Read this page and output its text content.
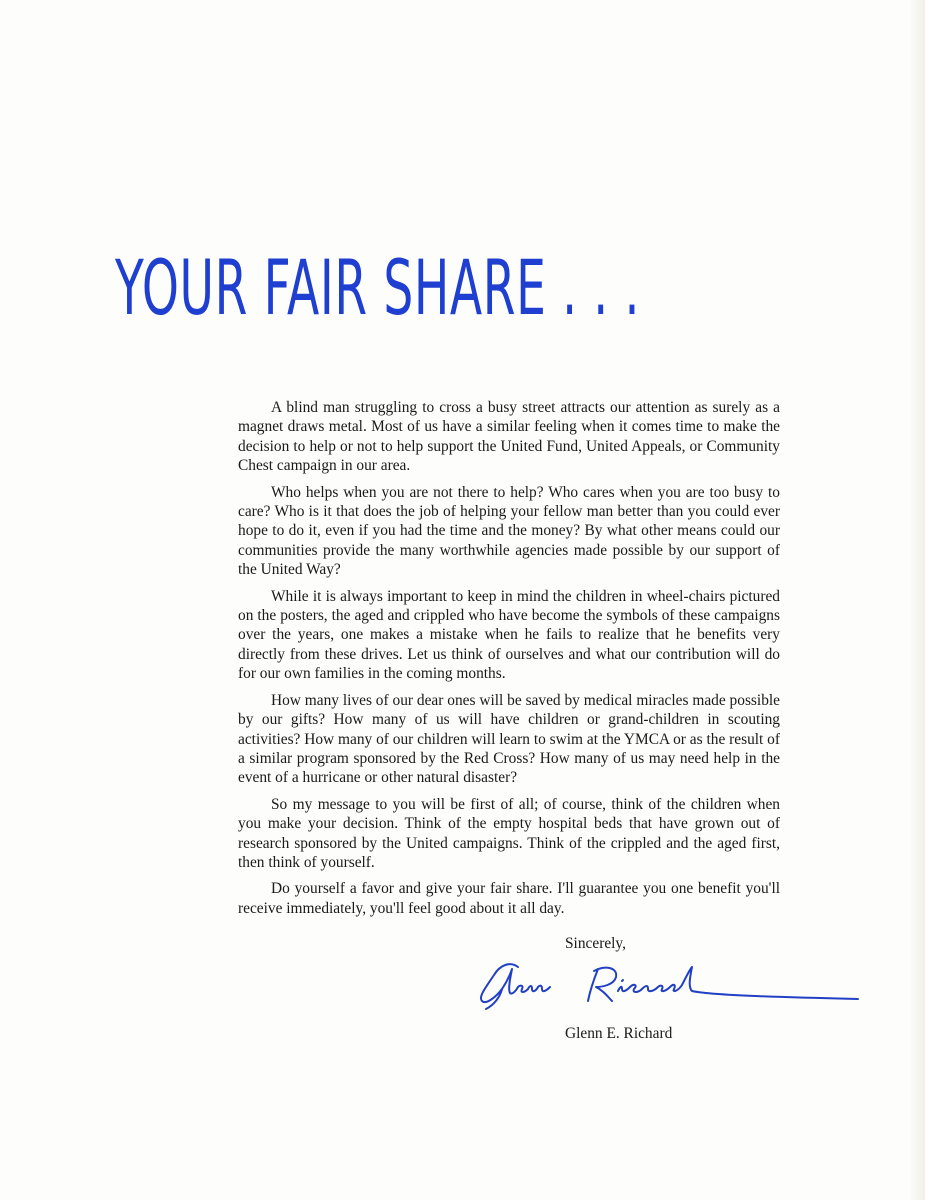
YOUR FAIR SHARE . . .

A blind man struggling to cross a busy street attracts our attention as surely as a magnet draws metal. Most of us have a similar feeling when it comes time to make the decision to help or not to help support the United Fund, United Appeals, or Community Chest campaign in our area.

Who helps when you are not there to help? Who cares when you are too busy to care? Who is it that does the job of helping your fellow man better than you could ever hope to do it, even if you had the time and the money? By what other means could our communities provide the many worthwhile agencies made possible by our support of the United Way?

While it is always important to keep in mind the children in wheel-chairs pictured on the posters, the aged and crippled who have become the symbols of these campaigns over the years, one makes a mistake when he fails to realize that he benefits very directly from these drives. Let us think of ourselves and what our contribution will do for our own families in the coming months.

How many lives of our dear ones will be saved by medical miracles made possible by our gifts? How many of us will have children or grand-children in scouting activities? How many of our children will learn to swim at the YMCA or as the result of a similar program sponsored by the Red Cross? How many of us may need help in the event of a hurricane or other natural disaster?

So my message to you will be first of all; of course, think of the children when you make your decision. Think of the empty hospital beds that have grown out of research sponsored by the United campaigns. Think of the crippled and the aged first, then think of yourself.

Do yourself a favor and give your fair share. I'll guarantee you one benefit you'll receive immediately, you'll feel good about it all day.

Sincerely,

Glenn E. Richard
